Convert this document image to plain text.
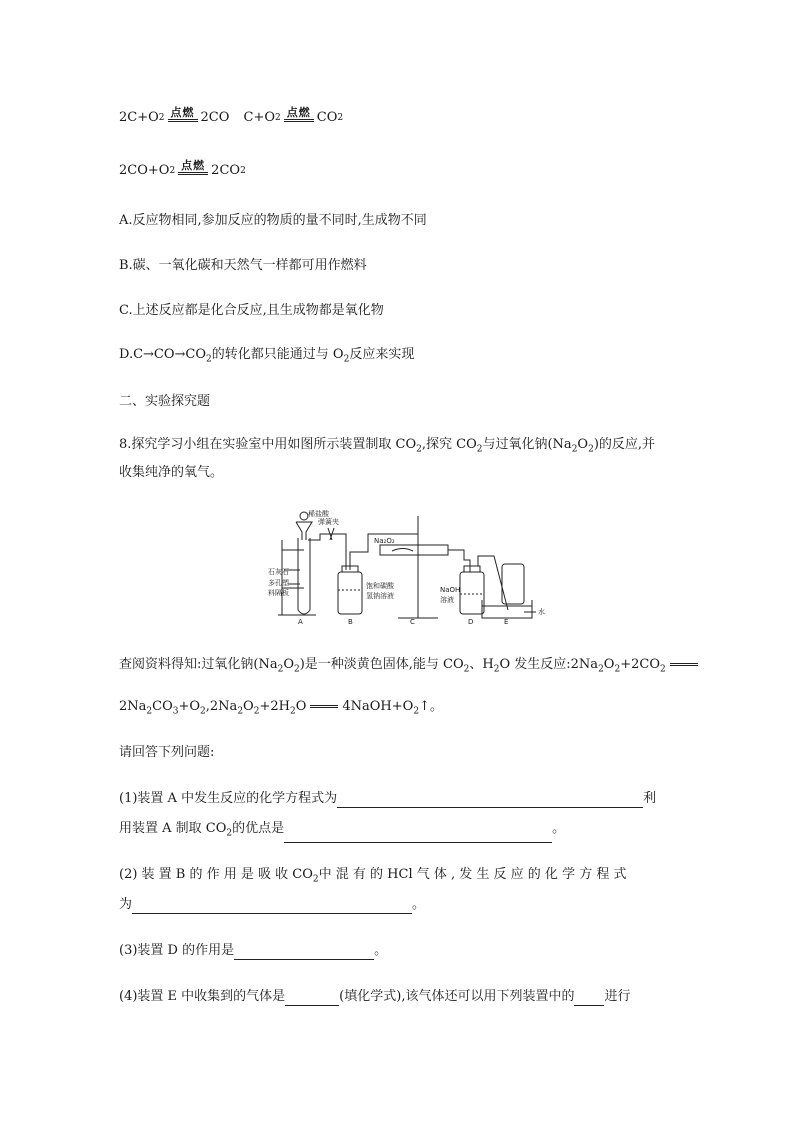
2C+O 2 点燃 2CO
C+O 2 点燃 CO 2
2CO+O 2 点燃 2CO 2
A.反应物相同,参加反应的物质的量不同时,生成物不同
B.碳、一氧化碳和天然气一样都可用作燃料
C.上述反应都是化合反应,且生成物都是氧化物
$D.C\to CO\to CO_2$的转化都只能通过与 $O_2$反应来实现
二、实验探究题
8.探究学习小组在实验室中用如图所示装置制取 $CO_2$,探究 $CO_2$与过氧化钠$(Na_2O_2)$的反应,并
收集纯净的氧气。
稀盐酸
弹簧夹
石灰石
多孔塑
料隔板
Na₂O₂
饱和碳酸
氢钠溶液
NaOH
溶液
水
A	B	C	D	E
查阅资料得知:过氧化钠$(Na_2O_2)$是一种淡黄色固体,能与 $CO_2$、$H_2O$ 发生反应$:2Na_2O_2+2CO_2$
$2Na_2CO_3+O_2,2Na_2O_2+2H_2O$	$4NaOH+O_2↑$。
请回答下列问题:
(1)装置 A 中发生反应的化学方程式为	利
用装置 A 制取 $CO_2$的优点是	。
(2) 装 置 B 的 作 用 是 吸 收 $CO_2$中 混 有 的 HCl 气 体 , 发 生 反 应 的 化 学 方 程 式
为	。
(3)装置 D 的作用是	。
(4)装置 E 中收集到的气体是	(填化学式),该气体还可以用下列装置中的 进行
